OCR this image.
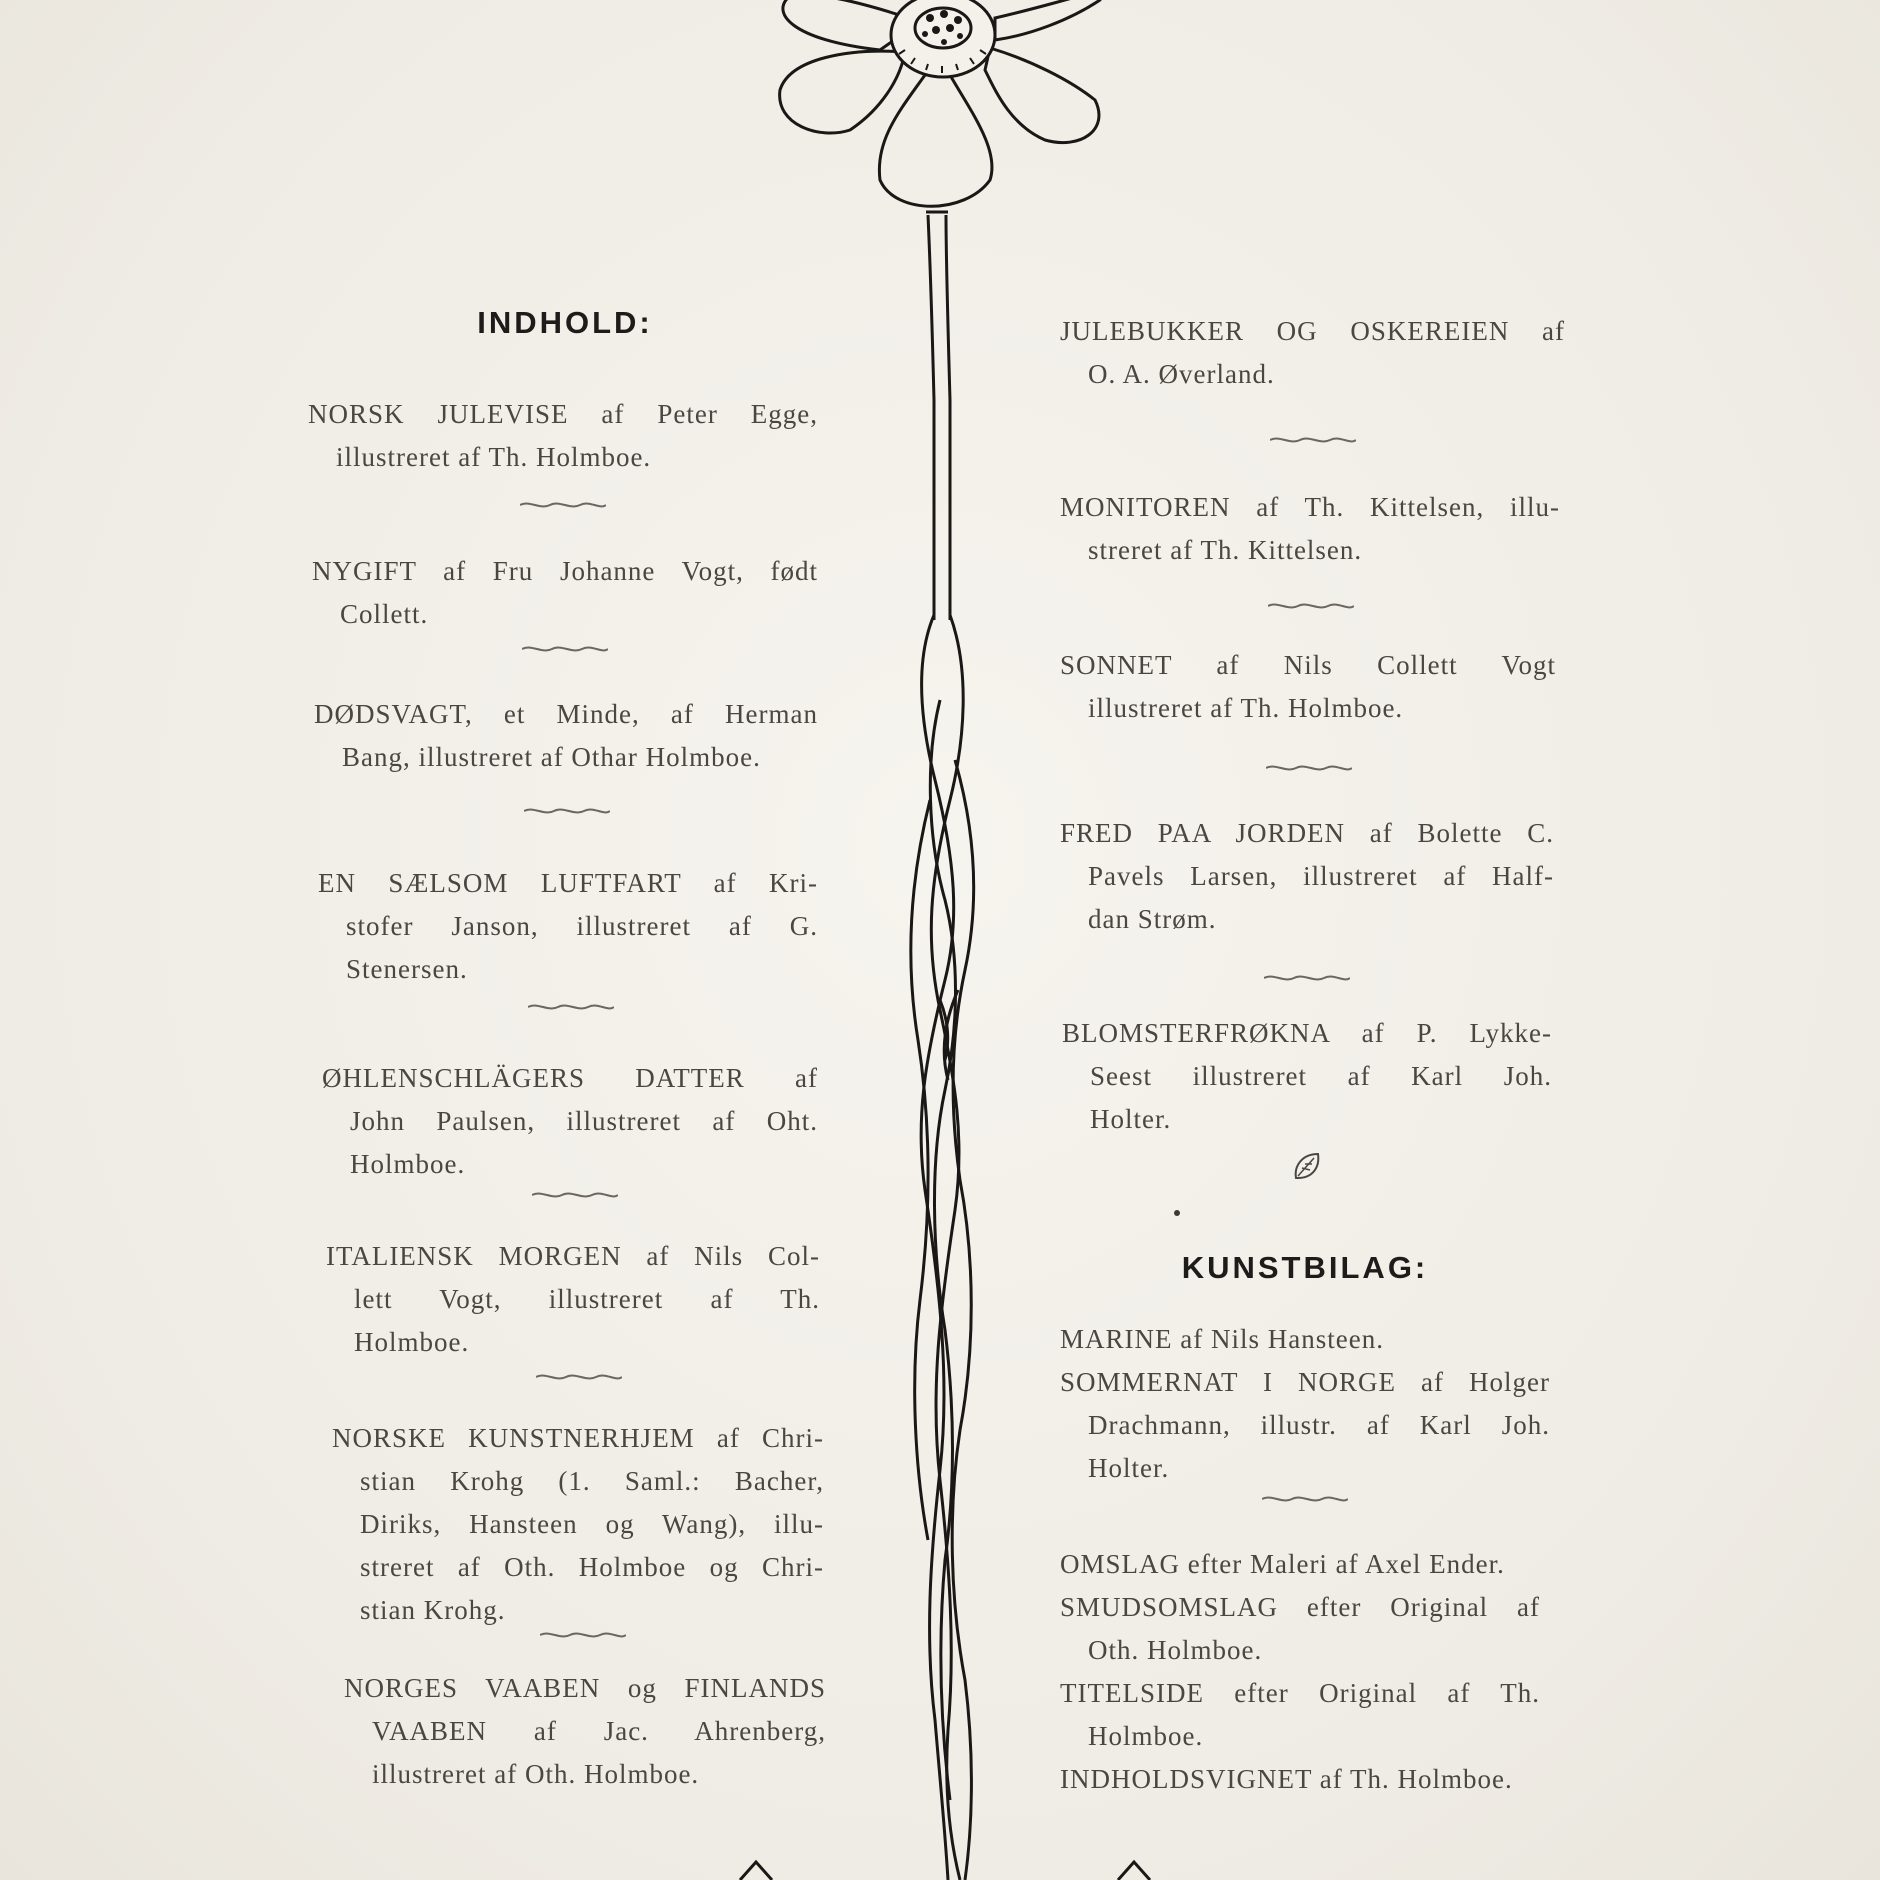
INDHOLD:
NORSK JULEVISE af Peter Egge,
illustreret af Th. Holmboe.
NYGIFT af Fru Johanne Vogt, født
Collett.
DØDSVAGT, et Minde, af Herman
Bang, illustreret af Othar Holmboe.
EN SÆLSOM LUFTFART af Kri-
stofer Janson, illustreret af G.
Stenersen.
ØHLENSCHLÄGERS DATTER af
John Paulsen, illustreret af Oht.
Holmboe.
ITALIENSK MORGEN af Nils Col-
lett Vogt, illustreret af Th.
Holmboe.
NORSKE KUNSTNERHJEM af Chri-
stian Krohg (1. Saml.: Bacher,
Diriks, Hansteen og Wang), illu-
streret af Oth. Holmboe og Chri-
stian Krohg.
NORGES VAABEN og FINLANDS
VAABEN af Jac. Ahrenberg,
illustreret af Oth. Holmboe.
JULEBUKKER OG OSKEREIEN af
O. A. Øverland.
MONITOREN af Th. Kittelsen, illu-
streret af Th. Kittelsen.
SONNET af Nils Collett Vogt
illustreret af Th. Holmboe.
FRED PAA JORDEN af Bolette C.
Pavels Larsen, illustreret af Half-
dan Strøm.
BLOMSTERFRØKNA af P. Lykke-
Seest illustreret af Karl Joh.
Holter.
KUNSTBILAG:
MARINE af Nils Hansteen.
SOMMERNAT I NORGE af Holger
Drachmann, illustr. af Karl Joh.
Holter.
OMSLAG efter Maleri af Axel Ender.
SMUDSOMSLAG efter Original af
Oth. Holmboe.
TITELSIDE efter Original af Th.
Holmboe.
INDHOLDSVIGNET af Th. Holmboe.
